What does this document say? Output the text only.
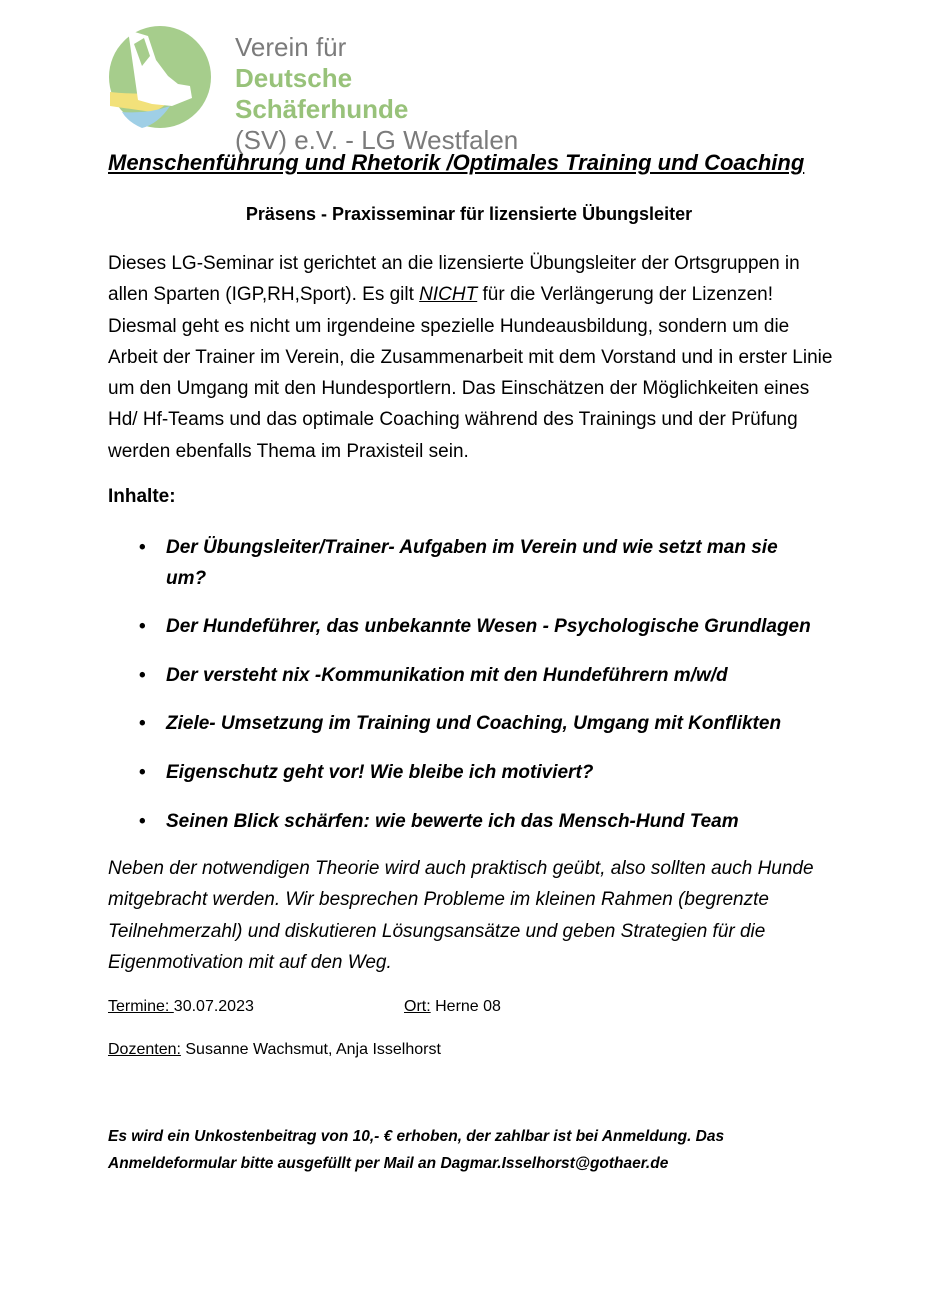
Verein für
Deutsche Schäferhunde
(SV) e.V. - LG Westfalen
Menschenführung und Rhetorik /Optimales Training und Coaching
Präsens - Praxisseminar für lizensierte Übungsleiter
Dieses LG-Seminar ist gerichtet an die lizensierte Übungsleiter der Ortsgruppen in allen Sparten (IGP,RH,Sport). Es gilt NICHT für die Verlängerung der Lizenzen! Diesmal geht es nicht um irgendeine spezielle Hundeausbildung, sondern um die Arbeit der Trainer im Verein, die Zusammenarbeit mit dem Vorstand und in erster Linie um den Umgang mit den Hundesportlern. Das Einschätzen der Möglichkeiten eines Hd/ Hf-Teams und das optimale Coaching während des Trainings und der Prüfung werden ebenfalls Thema im Praxisteil sein.
Inhalte:
• Der Übungsleiter/Trainer- Aufgaben im Verein und wie setzt man sie um?
• Der Hundeführer, das unbekannte Wesen - Psychologische Grundlagen
• Der versteht nix -Kommunikation mit den Hundeführern m/w/d
• Ziele- Umsetzung im Training und Coaching, Umgang mit Konflikten
• Eigenschutz geht vor! Wie bleibe ich motiviert?
• Seinen Blick schärfen: wie bewerte ich das Mensch-Hund Team
Neben der notwendigen Theorie wird auch praktisch geübt, also sollten auch Hunde mitgebracht werden. Wir besprechen Probleme im kleinen Rahmen (begrenzte Teilnehmerzahl) und diskutieren Lösungsansätze und geben Strategien für die Eigenmotivation mit auf den Weg.
Termine: 30.07.2023	Ort: Herne 08
Dozenten: Susanne Wachsmut, Anja Isselhorst
Es wird ein Unkostenbeitrag von 10,- € erhoben, der zahlbar ist bei Anmeldung. Das Anmeldeformular bitte ausgefüllt per Mail an Dagmar.Isselhorst@gothaer.de
